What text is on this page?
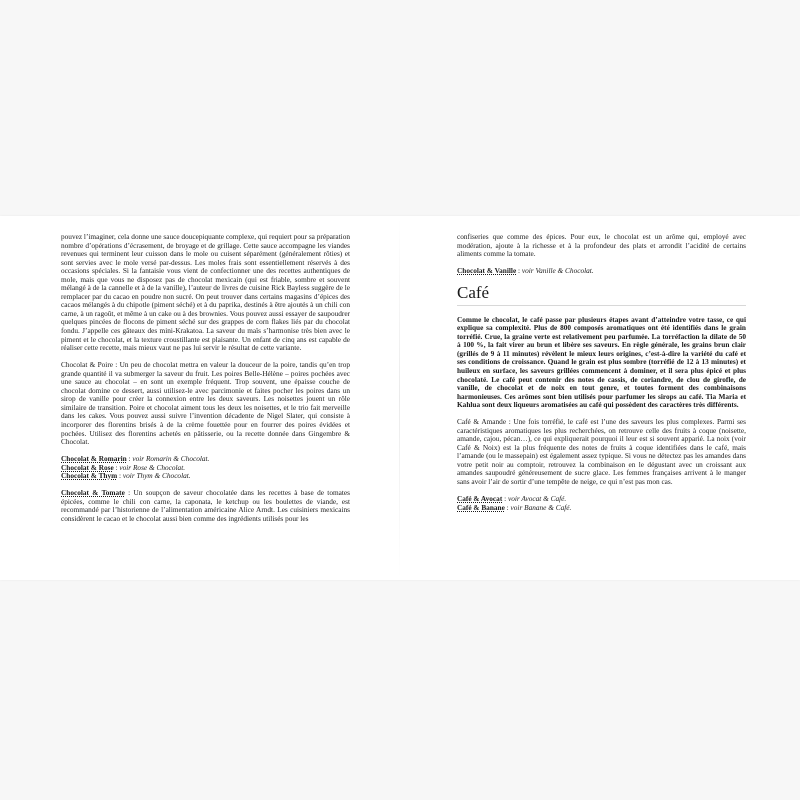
pouvez l’imaginer, cela donne une sauce doucepiquante complexe, qui requiert pour sa préparation nombre d’opérations d’écrasement, de broyage et de grillage. Cette sauce accompagne les viandes revenues qui terminent leur cuisson dans le mole ou cuisent séparément (généralement rôties) et sont servies avec le mole versé par-dessus. Les moles frais sont essentiellement réservés à des occasions spéciales. Si la fantaisie vous vient de confectionner une des recettes authentiques de mole, mais que vous ne disposez pas de chocolat mexicain (qui est friable, sombre et souvent mélangé à de la cannelle et à de la vanille), l’auteur de livres de cuisine Rick Bayless suggère de le remplacer par du cacao en poudre non sucré. On peut trouver dans certains magasins d’épices des cacaos mélangés à du chipotle (piment séché) et à du paprika, destinés à être ajoutés à un chili con carne, à un ragoût, et même à un cake ou à des brownies. Vous pouvez aussi essayer de saupoudrer quelques pincées de flocons de piment séché sur des grappes de corn flakes liés par du chocolat fondu. J’appelle ces gâteaux des mini-Krakatoa. La saveur du maïs s’harmonise très bien avec le piment et le chocolat, et la texture croustillante est plaisante. Un enfant de cinq ans est capable de réaliser cette recette, mais mieux vaut ne pas lui servir le résultat de cette variante.

Chocolat & Poire : Un peu de chocolat mettra en valeur la douceur de la poire, tandis qu’en trop grande quantité il va submerger la saveur du fruit. Les poires Belle-Hélène – poires pochées avec une sauce au chocolat – en sont un exemple fréquent. Trop souvent, une épaisse couche de chocolat domine ce dessert, aussi utilisez-le avec parcimonie et faites pocher les poires dans un sirop de vanille pour créer la connexion entre les deux saveurs. Les noisettes jouent un rôle similaire de transition. Poire et chocolat aiment tous les deux les noisettes, et le trio fait merveille dans les cakes. Vous pouvez aussi suivre l’invention décadente de Nigel Slater, qui consiste à incorporer des florentins brisés à de la crème fouettée pour en fourrer des poires évidées et pochées. Utilisez des florentins achetés en pâtisserie, ou la recette donnée dans Gingembre & Chocolat.

Chocolat & Romarin : voir Romarin & Chocolat.
Chocolat & Rose : voir Rose & Chocolat.
Chocolat & Thym : voir Thym & Chocolat.

Chocolat & Tomate : Un soupçon de saveur chocolatée dans les recettes à base de tomates épicées, comme le chili con carne, la caponata, le ketchup ou les boulettes de viande, est recommandé par l’historienne de l’alimentation américaine Alice Arndt. Les cuisiniers mexicains considèrent le cacao et le chocolat aussi bien comme des ingrédients utilisés pour les

confiseries que comme des épices. Pour eux, le chocolat est un arôme qui, employé avec modération, ajoute à la richesse et à la profondeur des plats et arrondit l’acidité de certains aliments comme la tomate.

Chocolat & Vanille : voir Vanille & Chocolat.
Café

Comme le chocolat, le café passe par plusieurs étapes avant d’atteindre votre tasse, ce qui explique sa complexité. Plus de 800 composés aromatiques ont été identifiés dans le grain torréfié. Crue, la graine verte est relativement peu parfumée. La torréfaction la dilate de 50 à 100 %, la fait virer au brun et libère ses saveurs. En règle générale, les grains brun clair (grillés de 9 à 11 minutes) révèlent le mieux leurs origines, c’est-à-dire la variété du café et ses conditions de croissance. Quand le grain est plus sombre (torréfié de 12 à 13 minutes) et huileux en surface, les saveurs grillées commencent à dominer, et il sera plus épicé et plus chocolaté. Le café peut contenir des notes de cassis, de coriandre, de clou de girofle, de vanille, de chocolat et de noix en tout genre, et toutes forment des combinaisons harmonieuses. Ces arômes sont bien utilisés pour parfumer les sirops au café. Tia Maria et Kahlua sont deux liqueurs aromatisées au café qui possèdent des caractères très différents.

Café & Amande : Une fois torréfié, le café est l’une des saveurs les plus complexes. Parmi ses caractéristiques aromatiques les plus recherchées, on retrouve celle des fruits à coque (noisette, amande, cajou, pécan…), ce qui expliquerait pourquoi il leur est si souvent apparié. La noix (voir Café & Noix) est la plus fréquente des notes de fruits à coque identifiées dans le café, mais l’amande (ou le massepain) est également assez typique. Si vous ne détectez pas les amandes dans votre petit noir au comptoir, retrouvez la combinaison en le dégustant avec un croissant aux amandes saupoudré généreusement de sucre glace. Les femmes françaises arrivent à le manger sans avoir l’air de sortir d’une tempête de neige, ce qui n’est pas mon cas.

Café & Avocat : voir Avocat & Café.
Café & Banane : voir Banane & Café.
